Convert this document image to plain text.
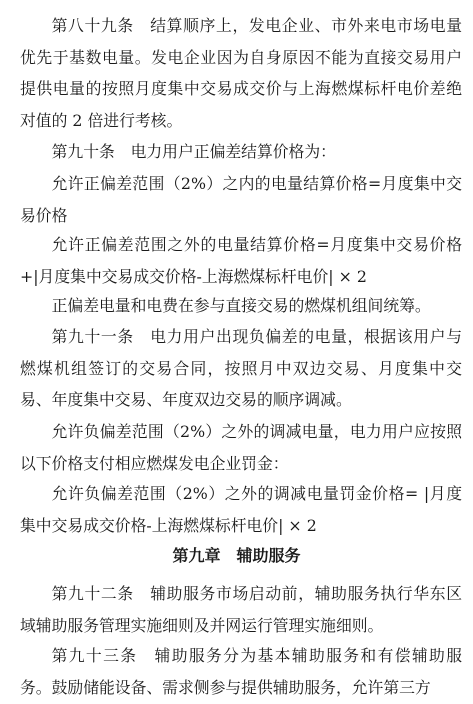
第八十九条　结算顺序上，发电企业、市外来电市场电量优先于基数电量。发电企业因为自身原因不能为直接交易用户提供电量的按照月度集中交易成交价与上海燃煤标杆电价差绝对值的 2 倍进行考核。

第九十条　电力用户正偏差结算价格为：

允许正偏差范围（2%）之内的电量结算价格=月度集中交易价格

允许正偏差范围之外的电量结算价格=月度集中交易价格+|月度集中交易成交价格-上海燃煤标杆电价| × 2

正偏差电量和电费在参与直接交易的燃煤机组间统筹。

第九十一条　电力用户出现负偏差的电量，根据该用户与燃煤机组签订的交易合同，按照月中双边交易、月度集中交易、年度集中交易、年度双边交易的顺序调减。

允许负偏差范围（2%）之外的调减电量，电力用户应按照以下价格支付相应燃煤发电企业罚金：

允许负偏差范围（2%）之外的调减电量罚金价格= |月度集中交易成交价格-上海燃煤标杆电价| × 2

第九章　辅助服务

第九十二条　辅助服务市场启动前，辅助服务执行华东区域辅助服务管理实施细则及并网运行管理实施细则。

第九十三条　辅助服务分为基本辅助服务和有偿辅助服务。鼓励储能设备、需求侧参与提供辅助服务，允许第三方
